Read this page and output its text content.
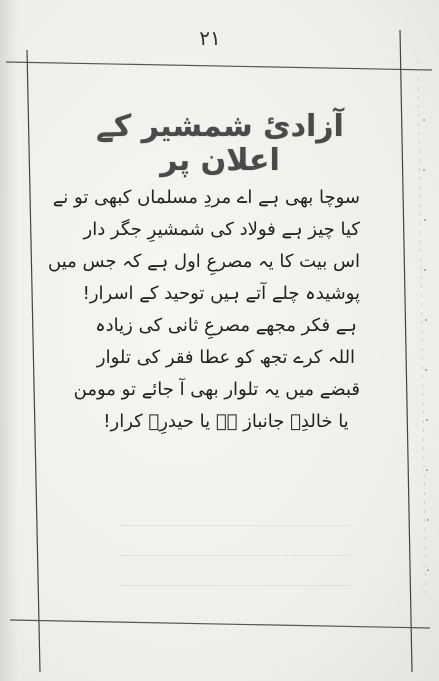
۲۱
آزادیٔ شمشیر کے اعلان پر
سوچا بھی ہے اے مردِ مسلماں کبھی تو نے
کیا چیز ہے فولاد کی شمشیرِ جگر دار
اس بیت کا یہ مصرعِ اول ہے کہ جس میں
پوشیدہ چلے آتے ہیں توحید کے اسرار!
ہے فکر مجھے مصرعِ ثانی کی زیادہ
اللہ کرے تجھ کو عطا فقر کی تلوار
قبضے میں یہ تلوار بھی آ جائے تو مومن
یا خالدِؓ جانباز ہے یا حیدرِؓ کرار!
